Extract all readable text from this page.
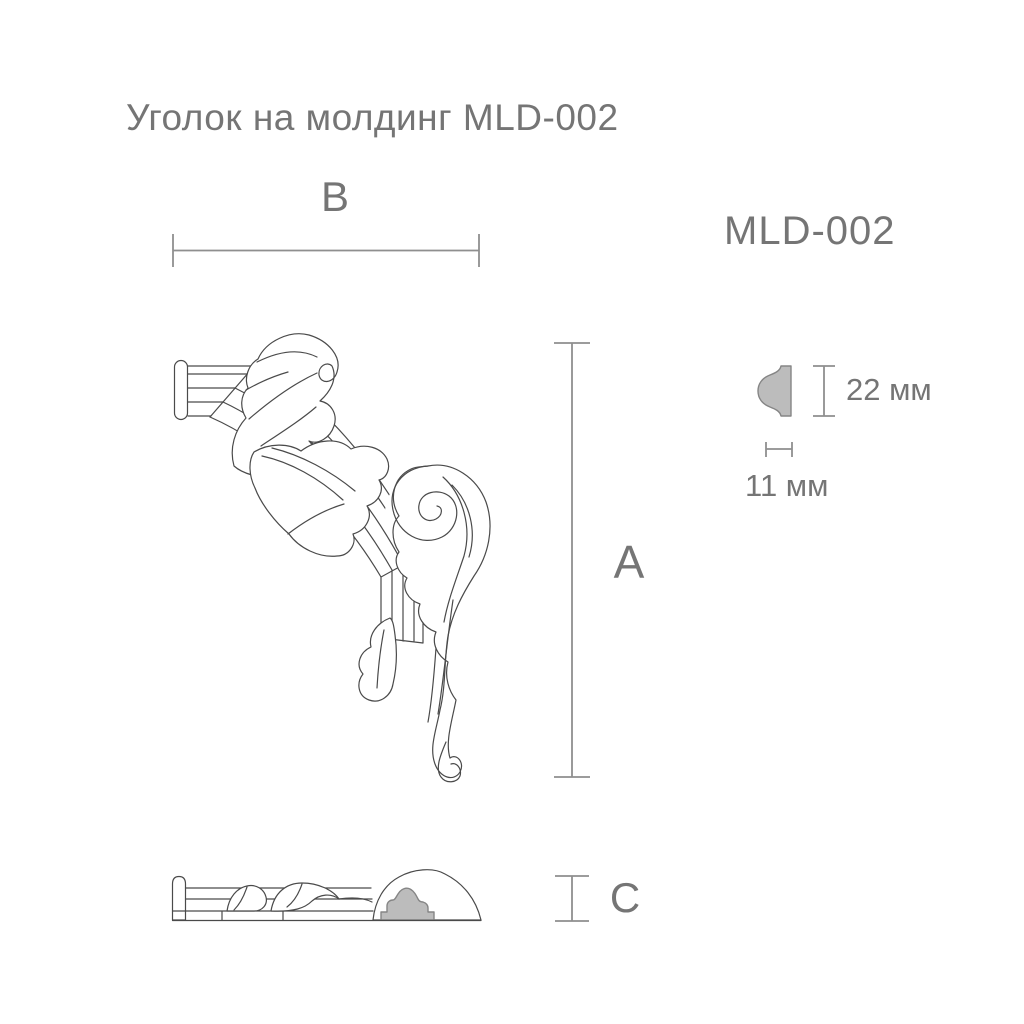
Уголок на молдинг MLD-002
MLD-002
B
A
C
22 мм
11 мм
